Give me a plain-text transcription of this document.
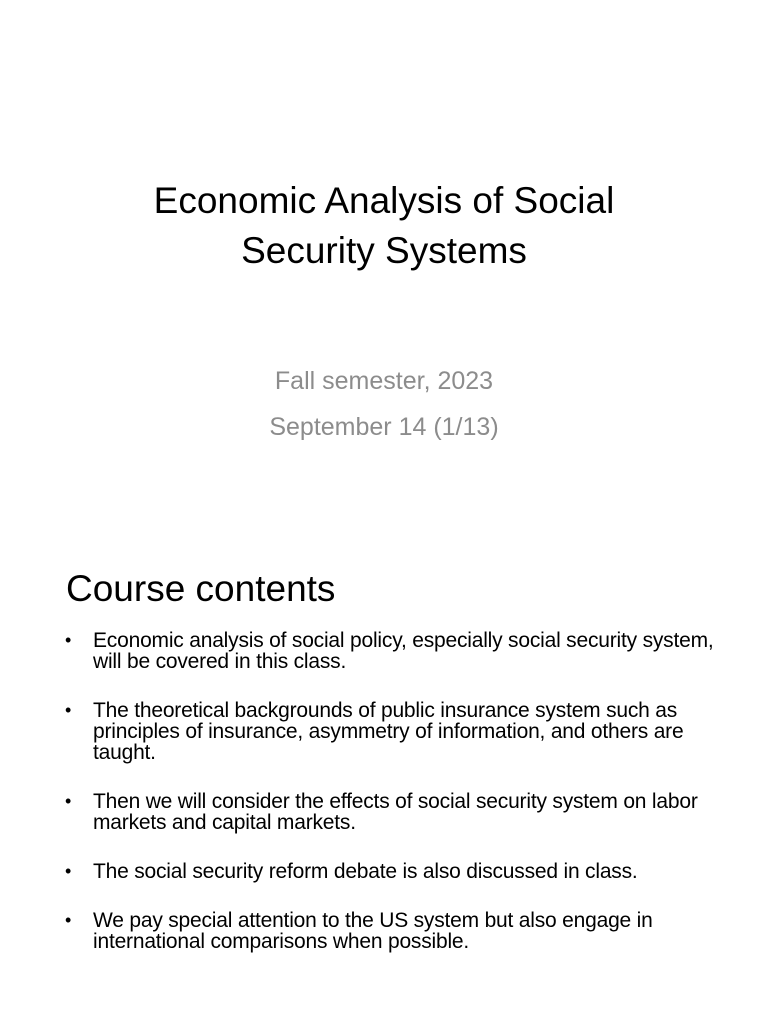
Economic Analysis of Social
Security Systems
Fall semester, 2023
September 14 (1/13)
Course contents
• Economic analysis of social policy, especially social security system, will be covered in this class.
• The theoretical backgrounds of public insurance system such as principles of insurance, asymmetry of information, and others are taught.
• Then we will consider the effects of social security system on labor markets and capital markets.
• The social security reform debate is also discussed in class.
• We pay special attention to the US system but also engage in international comparisons when possible.
